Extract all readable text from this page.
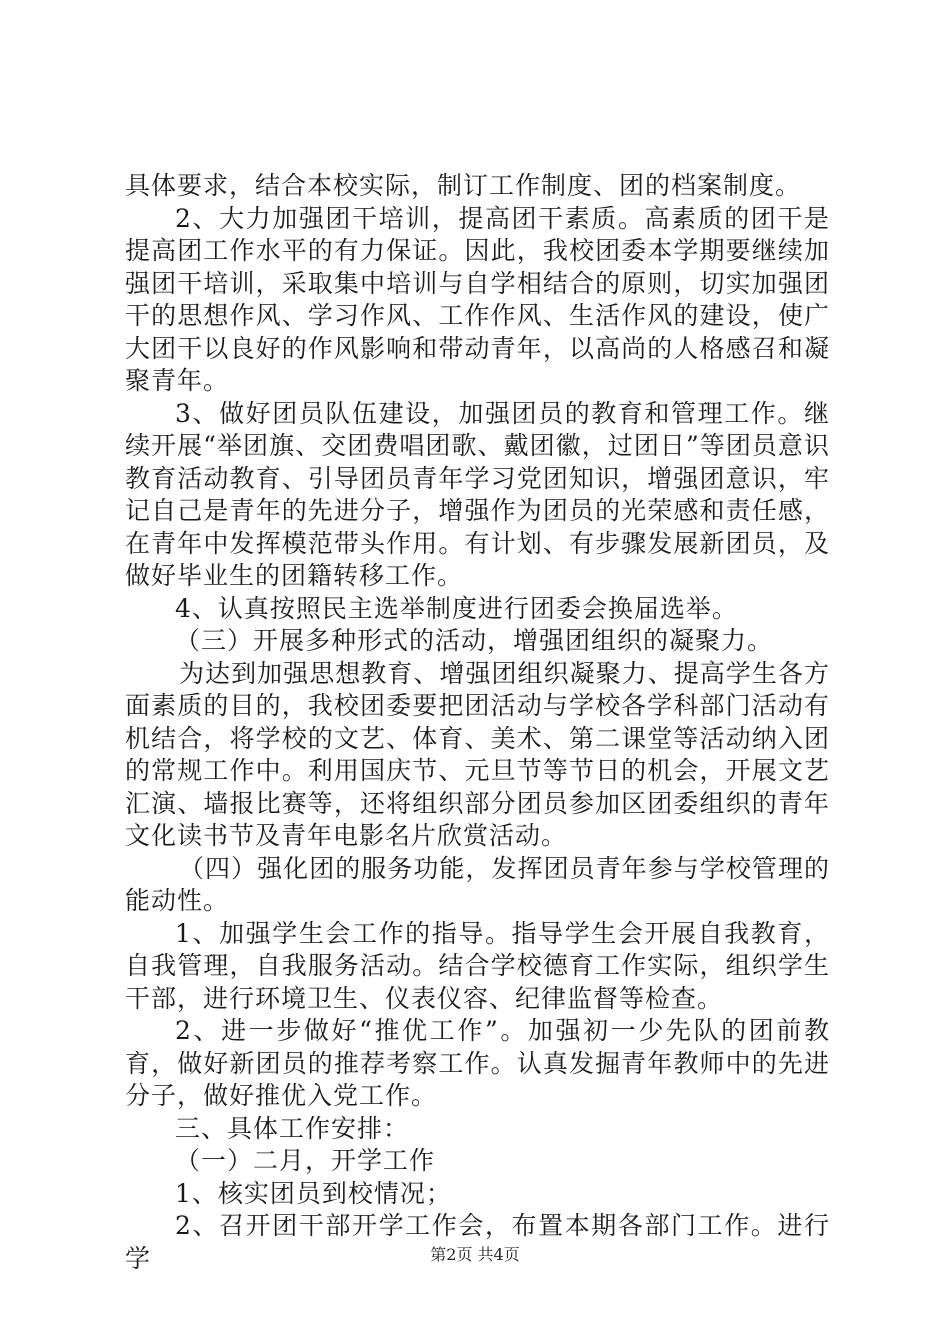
具体要求，结合本校实际，制订工作制度、团的档案制度。

2、大力加强团干培训，提高团干素质。高素质的团干是提高团工作水平的有力保证。因此，我校团委本学期要继续加强团干培训，采取集中培训与自学相结合的原则，切实加强团干的思想作风、学习作风、工作作风、生活作风的建设，使广大团干以良好的作风影响和带动青年，以高尚的人格感召和凝聚青年。

3、做好团员队伍建设，加强团员的教育和管理工作。继续开展“举团旗、交团费唱团歌、戴团徽，过团日”等团员意识教育活动教育、引导团员青年学习党团知识，增强团意识，牢记自己是青年的先进分子，增强作为团员的光荣感和责任感，在青年中发挥模范带头作用。有计划、有步骤发展新团员，及做好毕业生的团籍转移工作。

4、认真按照民主选举制度进行团委会换届选举。

（三）开展多种形式的活动，增强团组织的凝聚力。

为达到加强思想教育、增强团组织凝聚力、提高学生各方面素质的目的，我校团委要把团活动与学校各学科部门活动有机结合，将学校的文艺、体育、美术、第二课堂等活动纳入团的常规工作中。利用国庆节、元旦节等节日的机会，开展文艺汇演、墙报比赛等，还将组织部分团员参加区团委组织的青年文化读书节及青年电影名片欣赏活动。

（四）强化团的服务功能，发挥团员青年参与学校管理的能动性。

1、加强学生会工作的指导。指导学生会开展自我教育，自我管理，自我服务活动。结合学校德育工作实际，组织学生干部，进行环境卫生、仪表仪容、纪律监督等检查。

2、进一步做好“推优工作”。加强初一少先队的团前教育，做好新团员的推荐考察工作。认真发掘青年教师中的先进分子，做好推优入党工作。

三、具体工作安排：

（一）二月，开学工作

1、核实团员到校情况；

2、召开团干部开学工作会，布置本期各部门工作。进行学	第2页 共4页
